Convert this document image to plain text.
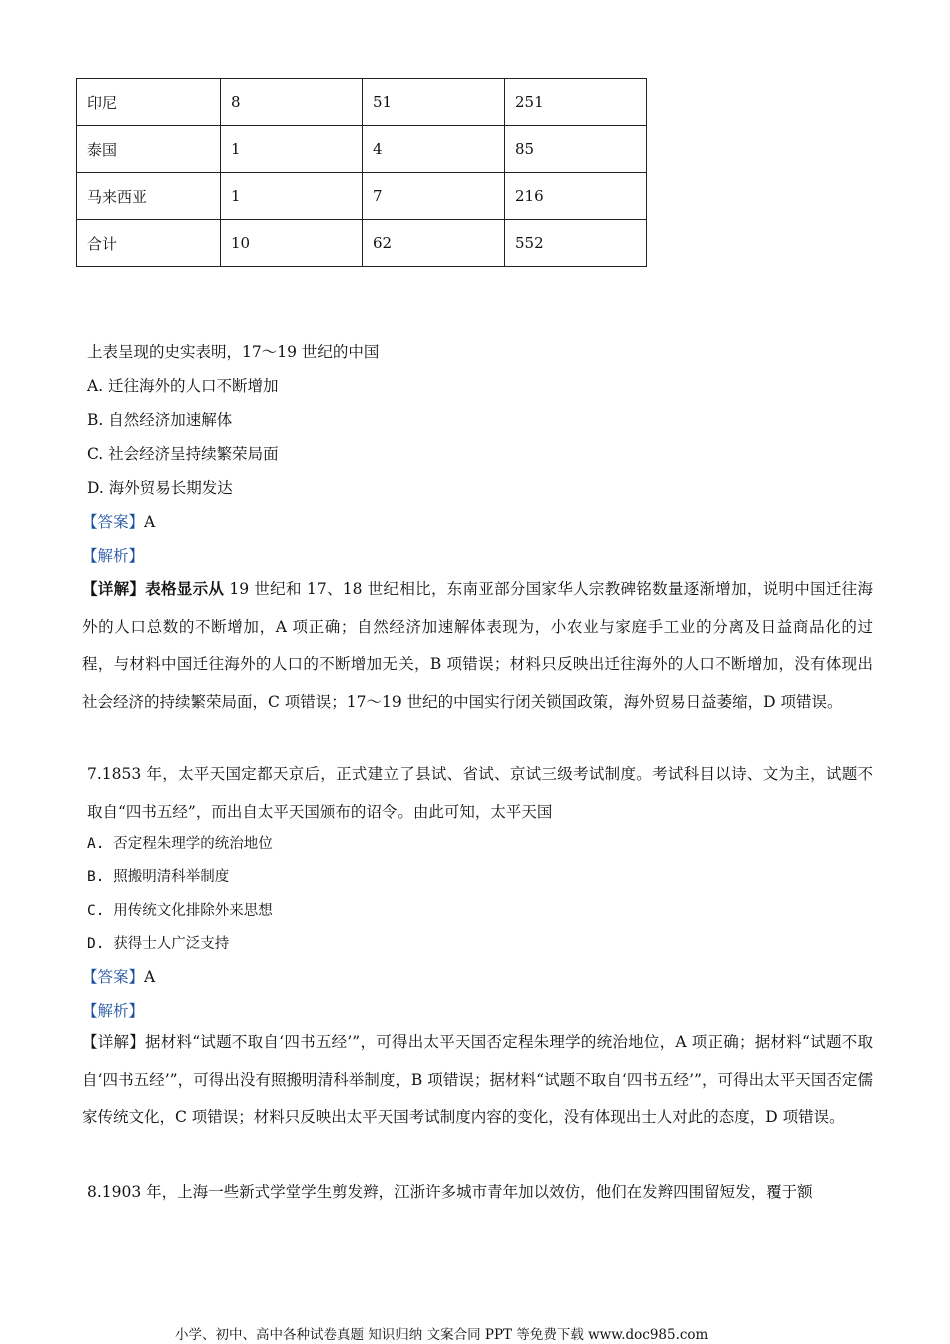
印尼	8	51	251
泰国	1	4	85
马来西亚	1	7	216
合计	10	62	552
上表呈现的史实表明，17～19 世纪的中国
A. 迁往海外的人口不断增加
B. 自然经济加速解体
C. 社会经济呈持续繁荣局面
D. 海外贸易长期发达
【答案】A
【解析】
【详解】表格显示从 19 世纪和 17、18 世纪相比，东南亚部分国家华人宗教碑铭数量逐渐增加，说明中国迁往海外的人口总数的不断增加，A 项正确；自然经济加速解体表现为，小农业与家庭手工业的分离及日益商品化的过程，与材料中国迁往海外的人口的不断增加无关，B 项错误；材料只反映出迁往海外的人口不断增加，没有体现出社会经济的持续繁荣局面，C 项错误；17～19 世纪的中国实行闭关锁国政策，海外贸易日益萎缩，D 项错误。
7.1853 年，太平天国定都天京后，正式建立了县试、省试、京试三级考试制度。考试科目以诗、文为主，试题不取自“四书五经”，而出自太平天国颁布的诏令。由此可知，太平天国
A. 否定程朱理学的统治地位
B. 照搬明清科举制度
C. 用传统文化排除外来思想
D. 获得士人广泛支持
【答案】A
【解析】
【详解】据材料“试题不取自‘四书五经’”，可得出太平天国否定程朱理学的统治地位，A 项正确；据材料“试题不取自‘四书五经’”，可得出没有照搬明清科举制度，B 项错误；据材料“试题不取自‘四书五经’”，可得出太平天国否定儒家传统文化，C 项错误；材料只反映出太平天国考试制度内容的变化，没有体现出士人对此的态度，D 项错误。
8.1903 年，上海一些新式学堂学生剪发辫，江浙许多城市青年加以效仿，他们在发辫四围留短发，覆于额
小学、初中、高中各种试卷真题 知识归纳 文案合同 PPT 等免费下载 www.doc985.com
